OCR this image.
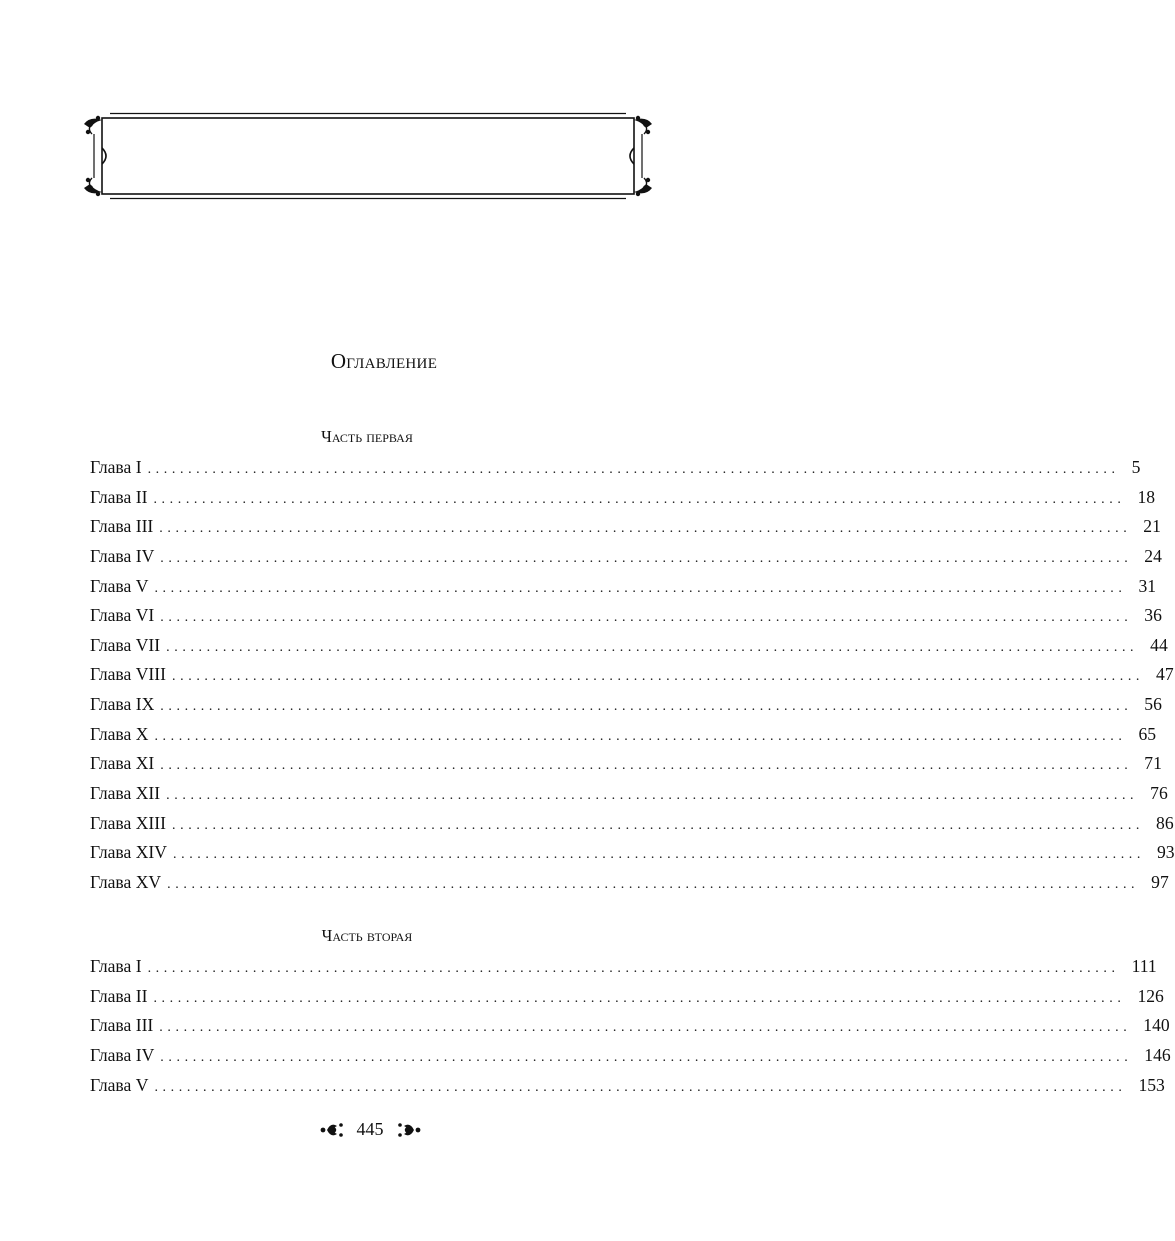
Оглавление
Часть первая
Глава I ........................................................................................................................ 5
Глава II ........................................................................................................................ 18
Глава III ........................................................................................................................ 21
Глава IV ........................................................................................................................ 24
Глава V ........................................................................................................................ 31
Глава VI ........................................................................................................................ 36
Глава VII ........................................................................................................................ 44
Глава VIII ........................................................................................................................ 47
Глава IX ........................................................................................................................ 56
Глава X ........................................................................................................................ 65
Глава XI ........................................................................................................................ 71
Глава XII ........................................................................................................................ 76
Глава XIII ........................................................................................................................ 86
Глава XIV ........................................................................................................................ 93
Глава XV ........................................................................................................................ 97
Часть вторая
Глава I ........................................................................................................................ 111
Глава II ........................................................................................................................ 126
Глава III ........................................................................................................................ 140
Глава IV ........................................................................................................................ 146
Глава V ........................................................................................................................ 153
445
